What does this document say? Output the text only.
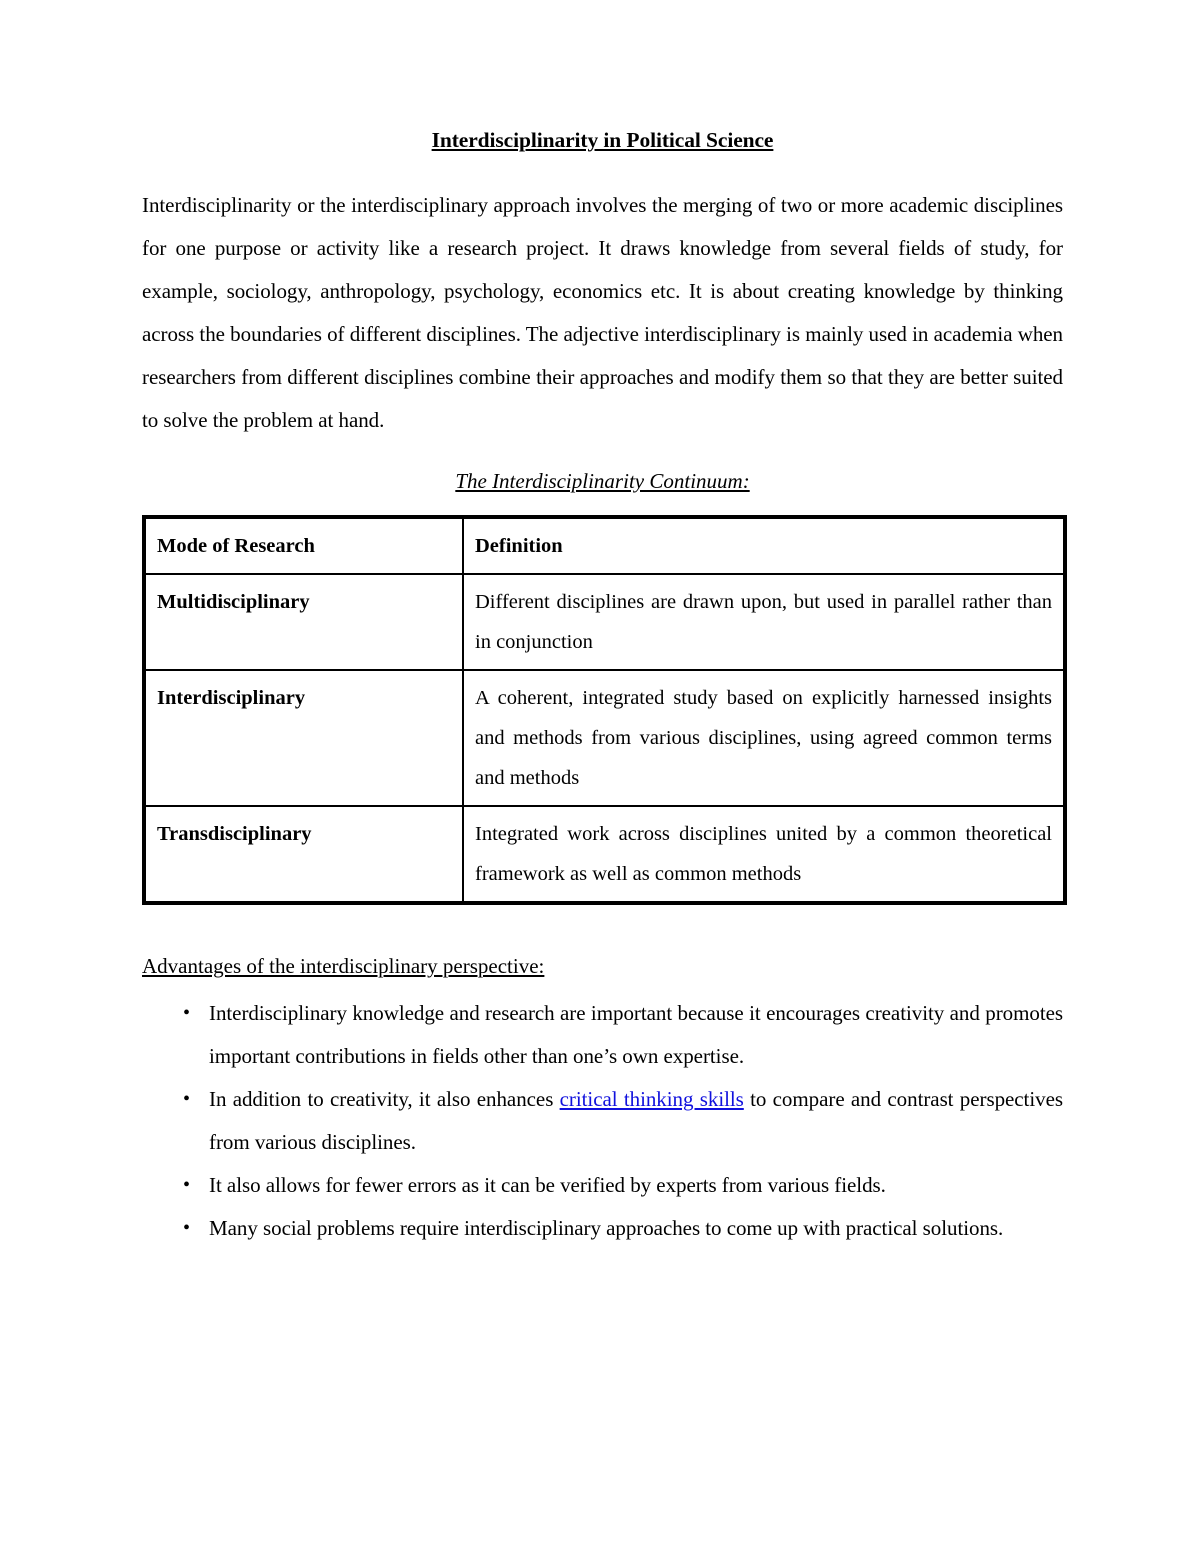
Interdisciplinarity in Political Science

Interdisciplinarity or the interdisciplinary approach involves the merging of two or more academic disciplines for one purpose or activity like a research project. It draws knowledge from several fields of study, for example, sociology, anthropology, psychology, economics etc. It is about creating knowledge by thinking across the boundaries of different disciplines. The adjective interdisciplinary is mainly used in academia when researchers from different disciplines combine their approaches and modify them so that they are better suited to solve the problem at hand.

The Interdisciplinarity Continuum:
Mode of Research	Definition
Multidisciplinary	Different disciplines are drawn upon, but used in parallel rather than in conjunction
Interdisciplinary	A coherent, integrated study based on explicitly harnessed insights and methods from various disciplines, using agreed common terms and methods
Transdisciplinary	Integrated work across disciplines united by a common theoretical framework as well as common methods
Advantages of the interdisciplinary perspective:
• Interdisciplinary knowledge and research are important because it encourages creativity and promotes important contributions in fields other than one’s own expertise.
• In addition to creativity, it also enhances critical thinking skills to compare and contrast perspectives from various disciplines.
• It also allows for fewer errors as it can be verified by experts from various fields.
• Many social problems require interdisciplinary approaches to come up with practical solutions.
